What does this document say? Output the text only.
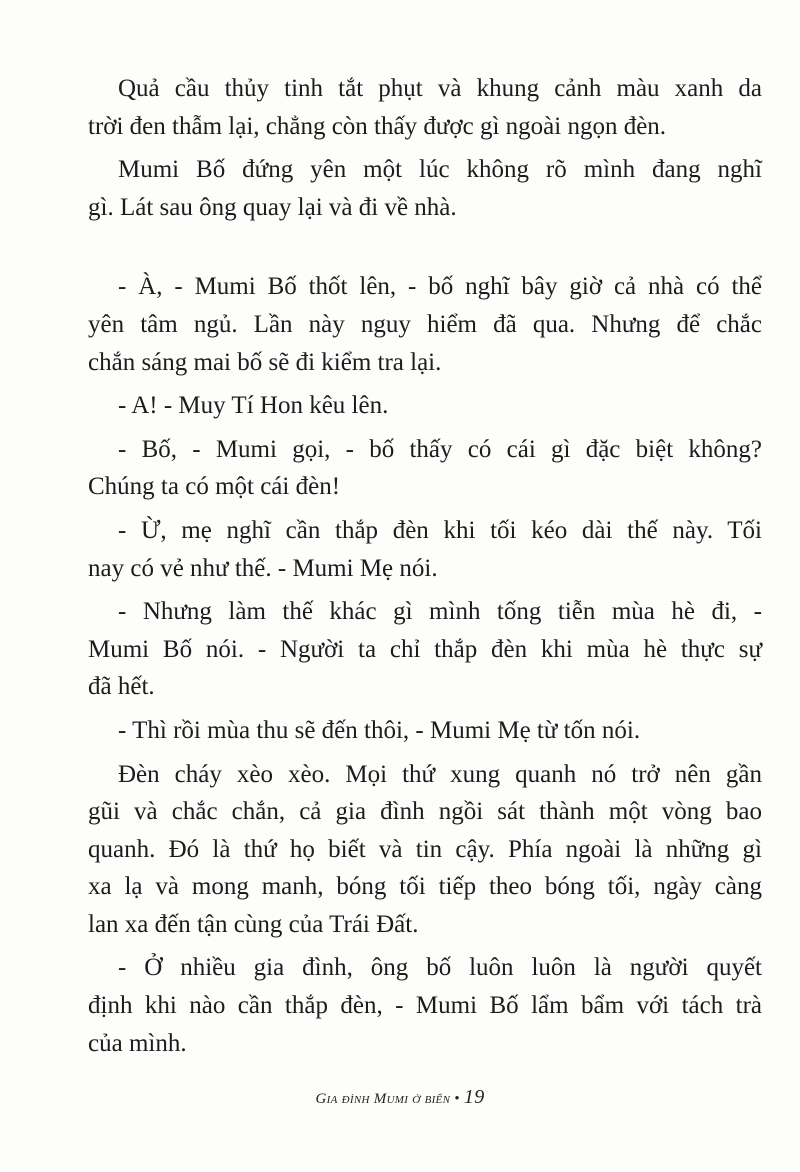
Quả cầu thủy tinh tắt phụt và khung cảnh màu xanh da
trời đen thẫm lại, chẳng còn thấy được gì ngoài ngọn đèn.

Mumi Bố đứng yên một lúc không rõ mình đang nghĩ
gì. Lát sau ông quay lại và đi về nhà.

- À, - Mumi Bố thốt lên, - bố nghĩ bây giờ cả nhà có thể
yên tâm ngủ. Lần này nguy hiểm đã qua. Nhưng để chắc
chắn sáng mai bố sẽ đi kiểm tra lại.

- A! - Muy Tí Hon kêu lên.

- Bố, - Mumi gọi, - bố thấy có cái gì đặc biệt không?
Chúng ta có một cái đèn!

- Ừ, mẹ nghĩ cần thắp đèn khi tối kéo dài thế này. Tối
nay có vẻ như thế. - Mumi Mẹ nói.

- Nhưng làm thế khác gì mình tống tiễn mùa hè đi, -
Mumi Bố nói. - Người ta chỉ thắp đèn khi mùa hè thực sự
đã hết.

- Thì rồi mùa thu sẽ đến thôi, - Mumi Mẹ từ tốn nói.

Đèn cháy xèo xèo. Mọi thứ xung quanh nó trở nên gần
gũi và chắc chắn, cả gia đình ngồi sát thành một vòng bao
quanh. Đó là thứ họ biết và tin cậy. Phía ngoài là những gì
xa lạ và mong manh, bóng tối tiếp theo bóng tối, ngày càng
lan xa đến tận cùng của Trái Đất.

- Ở nhiều gia đình, ông bố luôn luôn là người quyết
định khi nào cần thắp đèn, - Mumi Bố lẩm bẩm với tách trà
của mình.

Gia đình Mumi ở biển • 19
